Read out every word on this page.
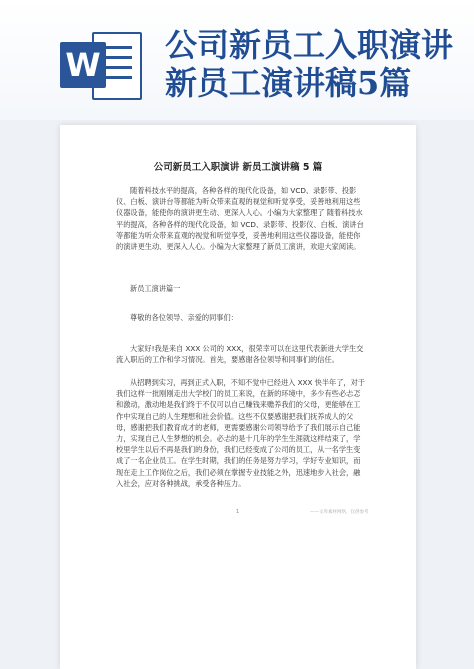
W
公司新员工入职演讲新员工演讲稿5篇
公司新员工入职演讲 新员工演讲稿 5 篇

随着科技水平的提高，各种各样的现代化设备，如 VCD、录影带、投影仪、白板、演讲台等都能为听众带来直观的视觉和听觉享受，妥善地利用这些仪器设备，能使你的演讲更生动、更深入人心。小编为大家整理了 随着科技水平的提高，各种各样的现代化设备，如 VCD、录影带、投影仪、白板、演讲台等都能为听众带来直观的视觉和听觉享受，妥善地利用这些仪器设备，能使你的演讲更生动、更深入人心。小编为大家整理了新员工演讲，欢迎大家阅读。

新员工演讲篇一

尊敬的各位领导、亲爱的同事们：

大家好!我是来自 XXX 公司的 XXX，很荣幸可以在这里代表新进大学生交流入职后的工作和学习情况。首先，要感谢各位领导和同事们的信任。

从招聘到实习，再到正式入职，不知不觉中已经进入 XXX 快半年了，对于我们这样一批刚刚走出大学校门的员工来说，在新的环境中，多少有些必忐忑和激动，激动地是我们终于不仅可以自己赚钱来赡养我们的父母，更能够在工作中实现自己的人生理想和社会价值。这些不仅要感谢把我们抚养成人的父母，感谢把我们教育成才的老师，更需要感谢公司领导给予了我们展示自己能力，实现自己人生梦想的机会。必忐的是十几年的学生生涯就这样结束了，学校里学生以后不再是我们的身份，我们已经变成了公司的员工，从一名学生变成了一名企业员工。在学生时期，我们的任务是努力学习，学好专业知识，而现在走上工作岗位之后，我们必须在掌握专业技能之外，迅速地步入社会，融入社会，应对各种挑战，承受各种压力。

1	——文库素材网络，仅供参考
